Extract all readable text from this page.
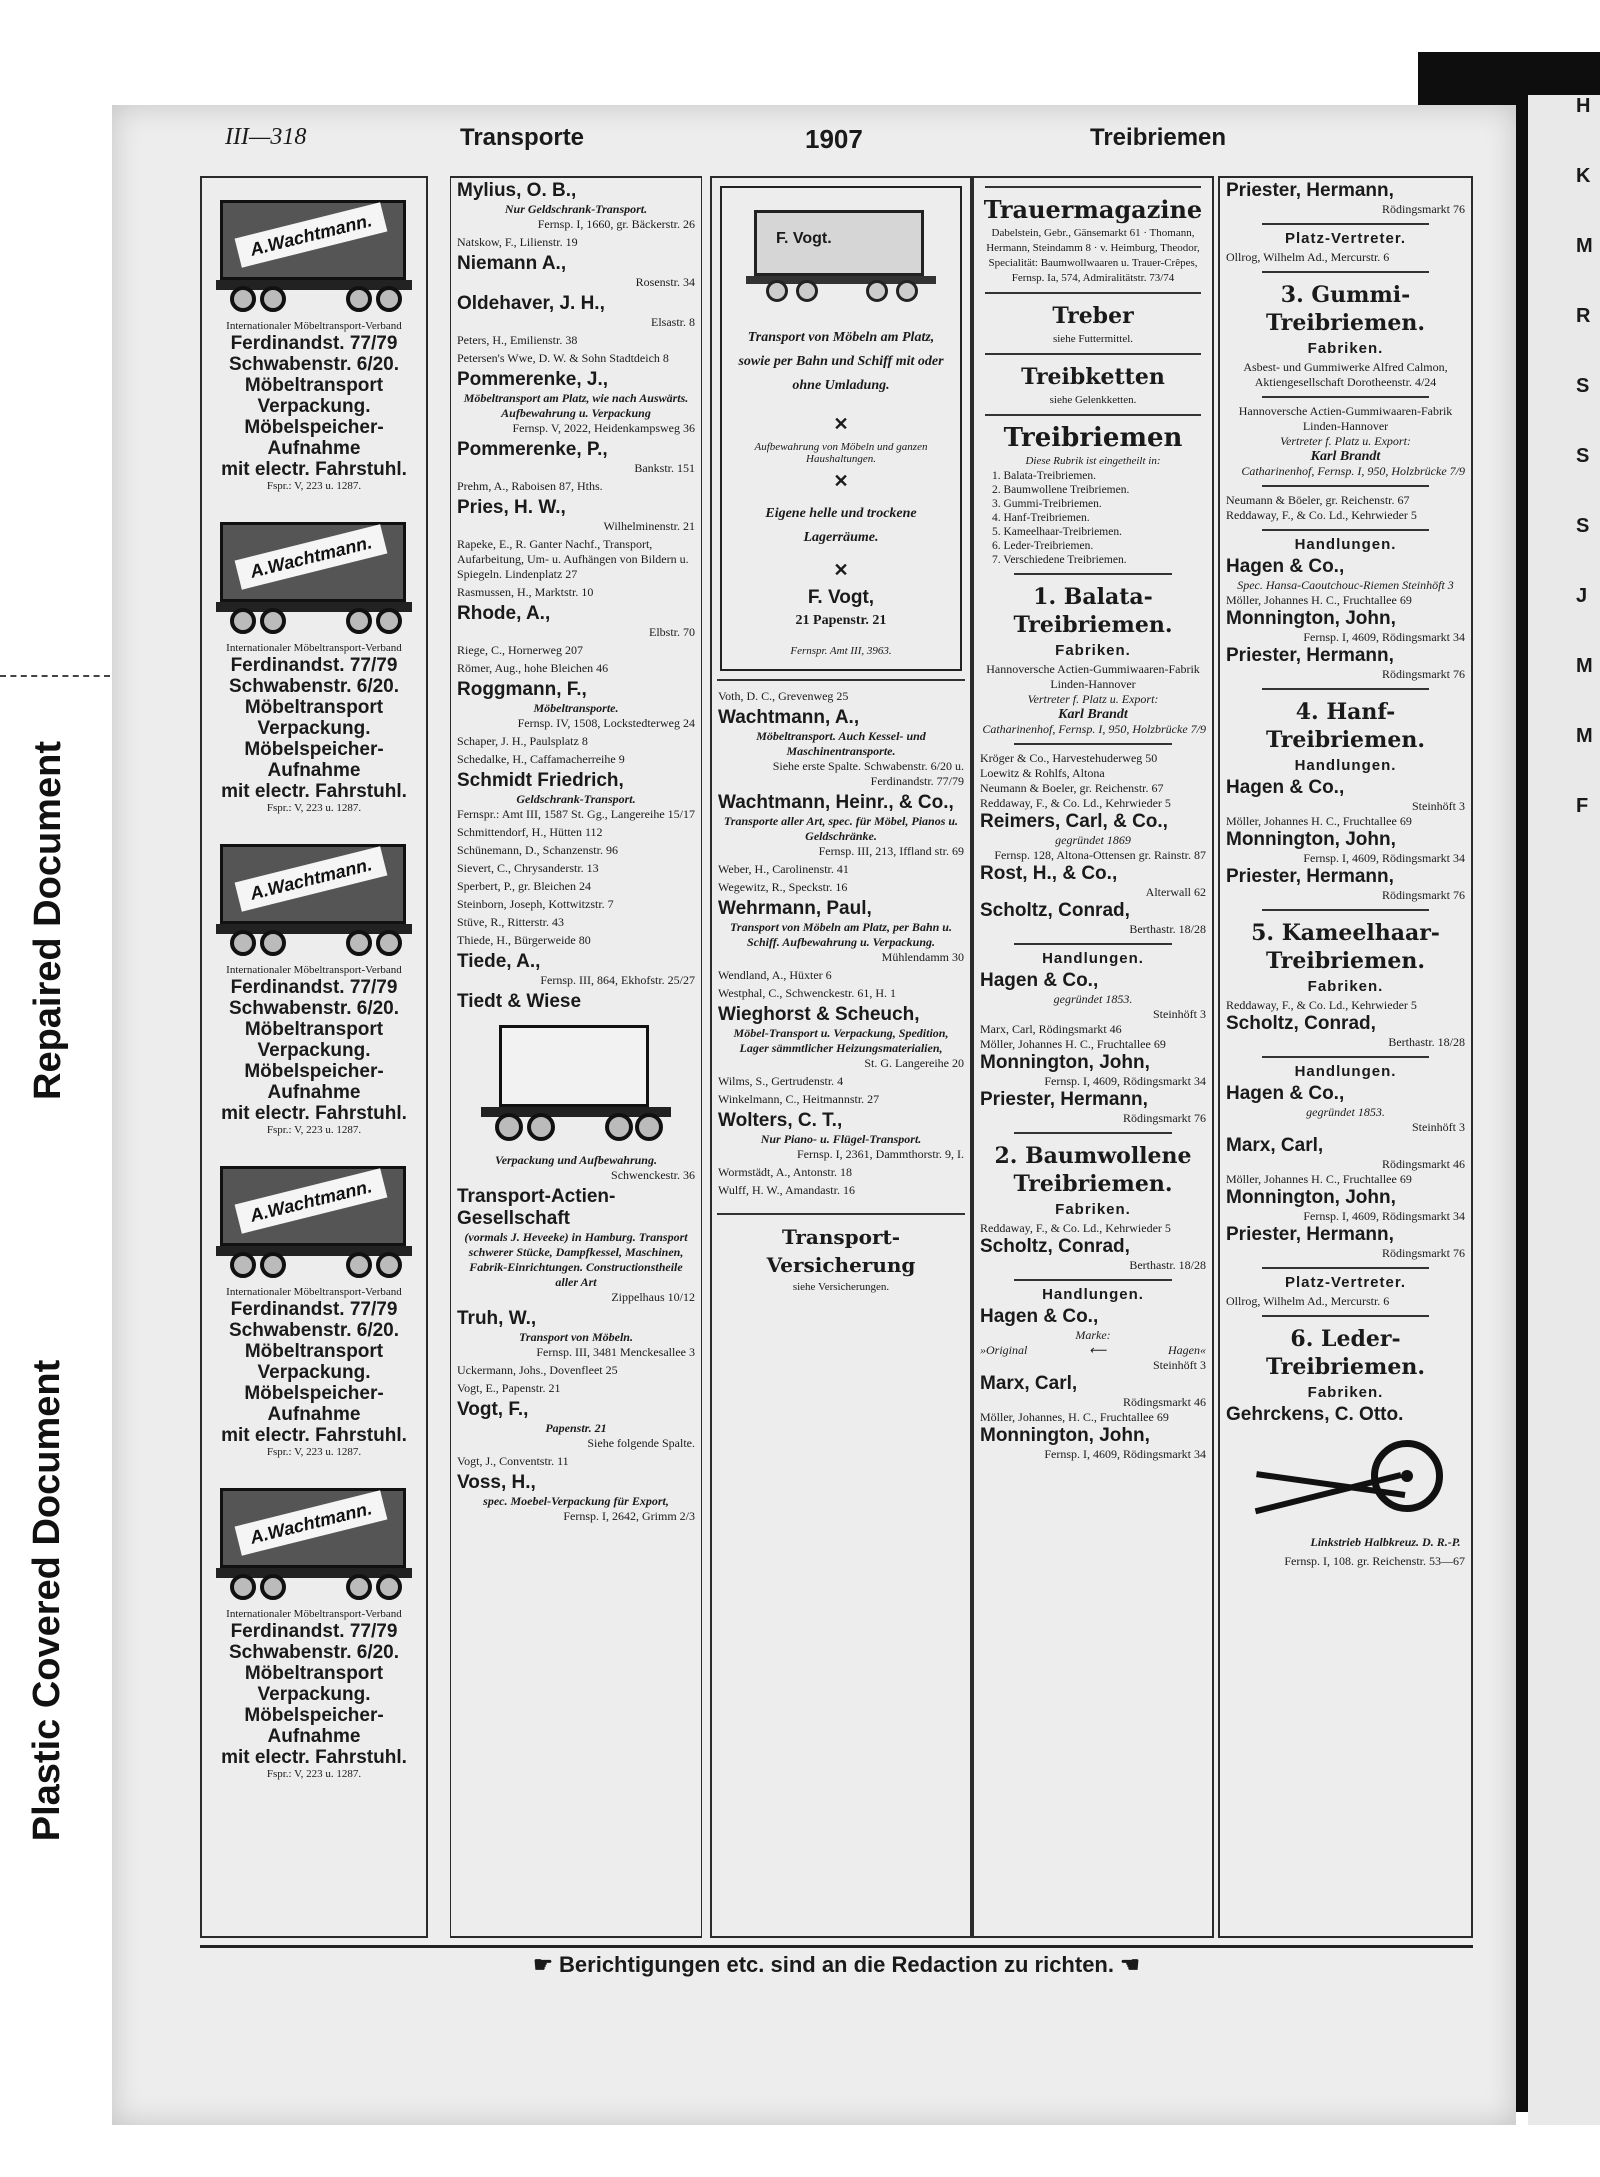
Repaired Document
Plastic Covered Document
H
K
M
R
S
S
S
J
M
M
F
III—318	Transporte	1907	Treibriemen
A.Wachtmann.
Internationaler Möbeltransport-Verband
Ferdinandst. 77/79
Schwabenstr. 6/20.
Möbeltransport
Verpackung.
Möbelspeicher-
Aufnahme
mit electr. Fahrstuhl.
Fspr.: V, 223 u. 1287.
A.Wachtmann.
Internationaler Möbeltransport-Verband
Ferdinandst. 77/79
Schwabenstr. 6/20.
Möbeltransport
Verpackung.
Möbelspeicher-
Aufnahme
mit electr. Fahrstuhl.
Fspr.: V, 223 u. 1287.
A.Wachtmann.
Internationaler Möbeltransport-Verband
Ferdinandst. 77/79
Schwabenstr. 6/20.
Möbeltransport
Verpackung.
Möbelspeicher-
Aufnahme
mit electr. Fahrstuhl.
Fspr.: V, 223 u. 1287.
A.Wachtmann.
Internationaler Möbeltransport-Verband
Ferdinandst. 77/79
Schwabenstr. 6/20.
Möbeltransport
Verpackung.
Möbelspeicher-
Aufnahme
mit electr. Fahrstuhl.
Fspr.: V, 223 u. 1287.
A.Wachtmann.
Internationaler Möbeltransport-Verband
Ferdinandst. 77/79
Schwabenstr. 6/20.
Möbeltransport
Verpackung.
Möbelspeicher-
Aufnahme
mit electr. Fahrstuhl.
Fspr.: V, 223 u. 1287.
Mylius, O. B.,
Nur Geldschrank-Transport.
Fernsp. I, 1660, gr. Bäckerstr. 26
Natskow, F., Lilienstr. 19
Niemann A.,
Rosenstr. 34
Oldehaver, J. H.,
Elsastr. 8
Peters, H., Emilienstr. 38
Petersen's Wwe, D. W. & Sohn Stadtdeich 8
Pommerenke, J.,
Möbeltransport am Platz, wie nach Auswärts. Aufbewahrung u. Verpackung
Fernsp. V, 2022, Heidenkampsweg 36
Pommerenke, P.,
Bankstr. 151
Prehm, A., Raboisen 87, Hths.
Pries, H. W.,
Wilhelminenstr. 21
Rapeke, E., R. Ganter Nachf., Transport, Aufarbeitung, Um- u. Aufhängen von Bildern u. Spiegeln. Lindenplatz 27
Rasmussen, H., Marktstr. 10
Rhode, A.,
Elbstr. 70
Riege, C., Hornerweg 207
Römer, Aug., hohe Bleichen 46
Roggmann, F.,
Möbeltransporte.
Fernsp. IV, 1508, Lockstedterweg 24
Schaper, J. H., Paulsplatz 8
Schedalke, H., Caffamacherreihe 9
Schmidt Friedrich,
Geldschrank-Transport.
Fernspr.: Amt III, 1587 St. Gg., Langereihe 15/17
Schmittendorf, H., Hütten 112
Schünemann, D., Schanzenstr. 96
Sievert, C., Chrysanderstr. 13
Sperbert, P., gr. Bleichen 24
Steinborn, Joseph, Kottwitzstr. 7
Stüve, R., Ritterstr. 43
Thiede, H., Bürgerweide 80
Tiede, A.,
Fernsp. III, 864, Ekhofstr. 25/27
Tiedt & Wiese
Verpackung und Aufbewahrung.
Schwenckestr. 36
Transport-Actien-Gesellschaft
(vormals J. Heveeke) in Hamburg. Transport schwerer Stücke, Dampfkessel, Maschinen, Fabrik-Einrichtungen. Constructionstheile aller Art
Zippelhaus 10/12
Truh, W.,
Transport von Möbeln.
Fernsp. III, 3481 Menckesallee 3
Uckermann, Johs., Dovenfleet 25
Vogt, E., Papenstr. 21
Vogt, F.,
Papenstr. 21
Siehe folgende Spalte.
Vogt, J., Conventstr. 11
Voss, H.,
spec. Moebel-Verpackung für Export,
Fernsp. I, 2642, Grimm 2/3
F. Vogt.
Transport von Möbeln am Platz, sowie per Bahn und Schiff mit oder ohne Umladung.
✕
Aufbewahrung von Möbeln und ganzen Haushaltungen.
✕
Eigene helle und trockene Lagerräume.
✕
F. Vogt,
21 Papenstr. 21
Fernspr. Amt III, 3963.
Voth, D. C., Grevenweg 25
Wachtmann, A.,
Möbeltransport. Auch Kessel- und Maschinentransporte.
Siehe erste Spalte. Schwabenstr. 6/20 u. Ferdinandstr. 77/79
Wachtmann, Heinr., & Co.,
Transporte aller Art, spec. für Möbel, Pianos u. Geldschränke.
Fernsp. III, 213, Iffland str. 69
Weber, H., Carolinenstr. 41
Wegewitz, R., Speckstr. 16
Wehrmann, Paul,
Transport von Möbeln am Platz, per Bahn u. Schiff. Aufbewahrung u. Verpackung.
Mühlendamm 30
Wendland, A., Hüxter 6
Westphal, C., Schwenckestr. 61, H. 1
Wieghorst & Scheuch,
Möbel-Transport u. Verpackung, Spedition, Lager sämmtlicher Heizungsmaterialien,
St. G. Langereihe 20
Wilms, S., Gertrudenstr. 4
Winkelmann, C., Heitmannstr. 27
Wolters, C. T.,
Nur Piano- u. Flügel-Transport.
Fernsp. I, 2361, Dammthorstr. 9, I.
Wormstädt, A., Antonstr. 18
Wulff, H. W., Amandastr. 16
Transport-Versicherung
siehe Versicherungen.
Trauermagazine
Dabelstein, Gebr., Gänsemarkt 61 · Thomann, Hermann, Steindamm 8 · v. Heimburg, Theodor, Specialität: Baumwollwaaren u. Trauer-Crêpes, Fernsp. Ia, 574, Admiralitätstr. 73/74
Treber
siehe Futtermittel.
Treibketten
siehe Gelenkketten.
Treibriemen
Diese Rubrik ist eingetheilt in:
1. Balata-Treibriemen.
2. Baumwollene Treibriemen.
3. Gummi-Treibriemen.
4. Hanf-Treibriemen.
5. Kameelhaar-Treibriemen.
6. Leder-Treibriemen.
7. Verschiedene Treibriemen.
1. Balata-Treibriemen.
Fabriken.
Hannoversche Actien-Gummiwaaren-Fabrik Linden-Hannover
Vertreter f. Platz u. Export:
Karl Brandt
Catharinenhof, Fernsp. I, 950, Holzbrücke 7/9
Kröger & Co., Harvestehuderweg 50
Loewitz & Rohlfs, Altona
Neumann & Boeler, gr. Reichenstr. 67
Reddaway, F., & Co. Ld., Kehrwieder 5
Reimers, Carl, & Co.,
gegründet 1869
Fernsp. 128, Altona-Ottensen gr. Rainstr. 87
Rost, H., & Co.,
Alterwall 62
Scholtz, Conrad,
Berthastr. 18/28
Handlungen.
Hagen & Co.,
gegründet 1853.
Steinhöft 3
Marx, Carl, Rödingsmarkt 46
Möller, Johannes H. C., Fruchtallee 69
Monnington, John,
Fernsp. I, 4609, Rödingsmarkt 34
Priester, Hermann,
Rödingsmarkt 76
2. Baumwollene Treibriemen.
Fabriken.
Reddaway, F., & Co. Ld., Kehrwieder 5
Scholtz, Conrad,
Berthastr. 18/28
Handlungen.
Hagen & Co.,
Marke:
»Original	⟵	Hagen«
Steinhöft 3
Marx, Carl,
Rödingsmarkt 46
Möller, Johannes, H. C., Fruchtallee 69
Monnington, John,
Fernsp. I, 4609, Rödingsmarkt 34
Priester, Hermann,
Rödingsmarkt 76
Platz-Vertreter.
Ollrog, Wilhelm Ad., Mercurstr. 6
3. Gummi-Treibriemen.
Fabriken.
Asbest- und Gummiwerke Alfred Calmon, Aktiengesellschaft Dorotheenstr. 4/24
Hannoversche Actien-Gummiwaaren-Fabrik Linden-Hannover
Vertreter f. Platz u. Export:
Karl Brandt
Catharinenhof, Fernsp. I, 950, Holzbrücke 7/9
Neumann & Böeler, gr. Reichenstr. 67
Reddaway, F., & Co. Ld., Kehrwieder 5
Handlungen.
Hagen & Co.,
Spec. Hansa-Caoutchouc-Riemen Steinhöft 3
Möller, Johannes H. C., Fruchtallee 69
Monnington, John,
Fernsp. I, 4609, Rödingsmarkt 34
Priester, Hermann,
Rödingsmarkt 76
4. Hanf-Treibriemen.
Handlungen.
Hagen & Co.,
Steinhöft 3
Möller, Johannes H. C., Fruchtallee 69
Monnington, John,
Fernsp. I, 4609, Rödingsmarkt 34
Priester, Hermann,
Rödingsmarkt 76
5. Kameelhaar-Treibriemen.
Fabriken.
Reddaway, F., & Co. Ld., Kehrwieder 5
Scholtz, Conrad,
Berthastr. 18/28
Handlungen.
Hagen & Co.,
gegründet 1853.
Steinhöft 3
Marx, Carl,
Rödingsmarkt 46
Möller, Johannes H. C., Fruchtallee 69
Monnington, John,
Fernsp. I, 4609, Rödingsmarkt 34
Priester, Hermann,
Rödingsmarkt 76
Platz-Vertreter.
Ollrog, Wilhelm Ad., Mercurstr. 6
6. Leder-Treibriemen.
Fabriken.
Gehrckens, C. Otto.
Linkstrieb Halbkreuz. D. R.-P.
Fernsp. I, 108. gr. Reichenstr. 53—67
☛ Berichtigungen etc. sind an die Redaction zu richten. ☚
